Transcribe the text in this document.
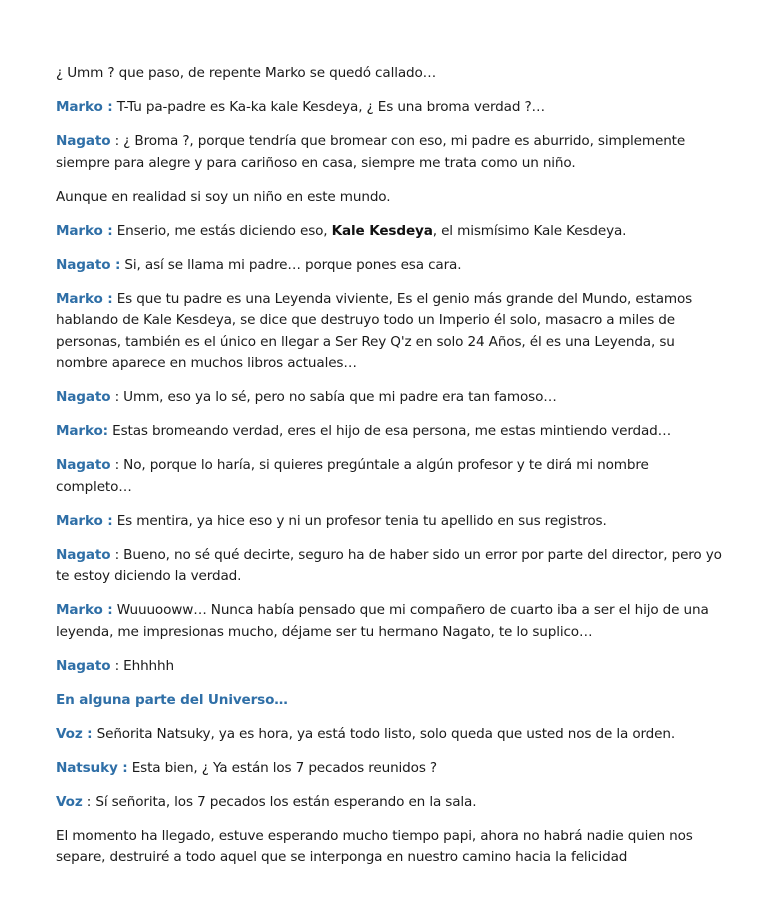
¿ Umm ? que paso, de repente Marko se quedó callado…

Marko : T-Tu pa-padre es Ka-ka kale Kesdeya, ¿ Es una broma verdad ?…

Nagato : ¿ Broma ?, porque tendría que bromear con eso, mi padre es aburrido, simplemente siempre para alegre y para cariñoso en casa, siempre me trata como un niño.

Aunque en realidad si soy un niño en este mundo.

Marko : Enserio, me estás diciendo eso, Kale Kesdeya, el mismísimo Kale Kesdeya.

Nagato : Si, así se llama mi padre… porque pones esa cara.

Marko : Es que tu padre es una Leyenda viviente, Es el genio más grande del Mundo, estamos hablando de Kale Kesdeya, se dice que destruyo todo un Imperio él solo, masacro a miles de personas, también es el único en llegar a Ser Rey Q'z en solo 24 Años, él es una Leyenda, su nombre aparece en muchos libros actuales…

Nagato : Umm, eso ya lo sé, pero no sabía que mi padre era tan famoso…

Marko: Estas bromeando verdad, eres el hijo de esa persona, me estas mintiendo verdad…

Nagato : No, porque lo haría, si quieres pregúntale a algún profesor y te dirá mi nombre completo…

Marko : Es mentira, ya hice eso y ni un profesor tenia tu apellido en sus registros.

Nagato : Bueno, no sé qué decirte, seguro ha de haber sido un error por parte del director, pero yo te estoy diciendo la verdad.

Marko : Wuuuooww… Nunca había pensado que mi compañero de cuarto iba a ser el hijo de una leyenda, me impresionas mucho, déjame ser tu hermano Nagato, te lo suplico…

Nagato : Ehhhhh

En alguna parte del Universo…

Voz : Señorita Natsuky, ya es hora, ya está todo listo, solo queda que usted nos de la orden.

Natsuky : Esta bien, ¿ Ya están los 7 pecados reunidos ?

Voz : Sí señorita, los 7 pecados los están esperando en la sala.

El momento ha llegado, estuve esperando mucho tiempo papi, ahora no habrá nadie quien nos separe, destruiré a todo aquel que se interponga en nuestro camino hacia la felicidad
